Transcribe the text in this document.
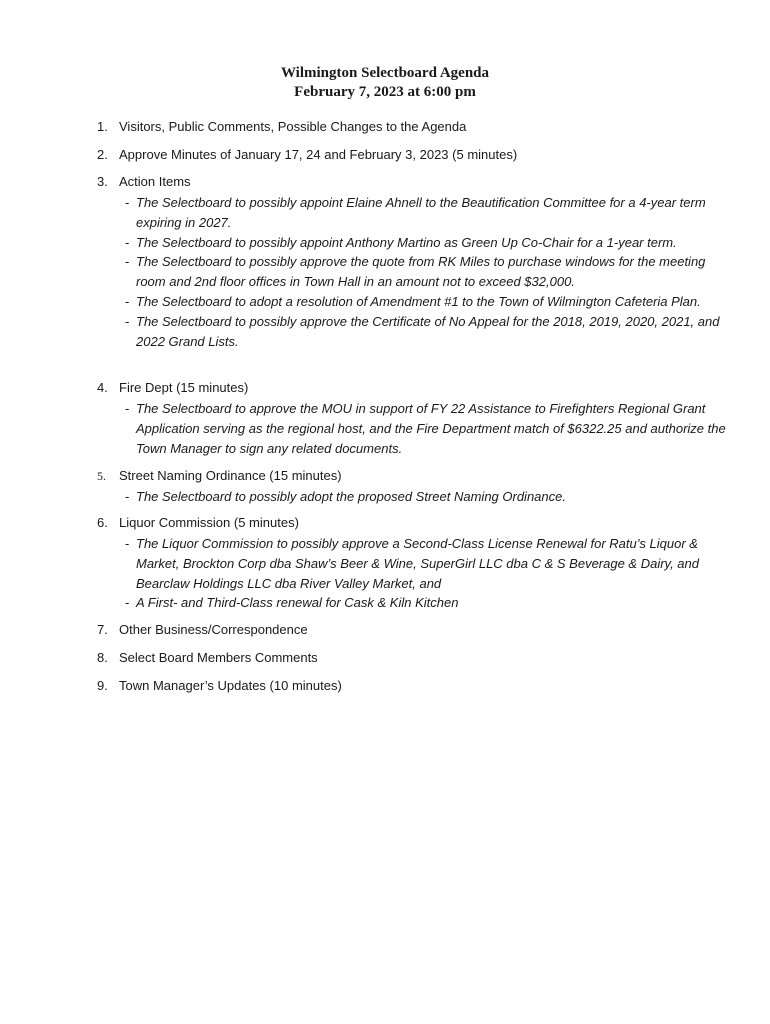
Wilmington Selectboard Agenda
February 7, 2023 at 6:00 pm
1. Visitors, Public Comments, Possible Changes to the Agenda
2. Approve Minutes of January 17, 24 and February 3, 2023 (5 minutes)
3. Action Items
- The Selectboard to possibly appoint Elaine Ahnell to the Beautification Committee for a 4-year term expiring in 2027.
- The Selectboard to possibly appoint Anthony Martino as Green Up Co-Chair for a 1-year term.
- The Selectboard to possibly approve the quote from RK Miles to purchase windows for the meeting room and 2nd floor offices in Town Hall in an amount not to exceed $32,000.
- The Selectboard to adopt a resolution of Amendment #1 to the Town of Wilmington Cafeteria Plan.
- The Selectboard to possibly approve the Certificate of No Appeal for the 2018, 2019, 2020, 2021, and 2022 Grand Lists.
4. Fire Dept (15 minutes)
- The Selectboard to approve the MOU in support of FY 22 Assistance to Firefighters Regional Grant Application serving as the regional host, and the Fire Department match of $6322.25 and authorize the Town Manager to sign any related documents.
5. Street Naming Ordinance (15 minutes)
- The Selectboard to possibly adopt the proposed Street Naming Ordinance.
6. Liquor Commission (5 minutes)
- The Liquor Commission to possibly approve a Second-Class License Renewal for Ratu’s Liquor & Market, Brockton Corp dba Shaw’s Beer & Wine, SuperGirl LLC dba C & S Beverage & Dairy, and Bearclaw Holdings LLC dba River Valley Market, and
- A First- and Third-Class renewal for Cask & Kiln Kitchen
7. Other Business/Correspondence
8. Select Board Members Comments
9. Town Manager’s Updates (10 minutes)
